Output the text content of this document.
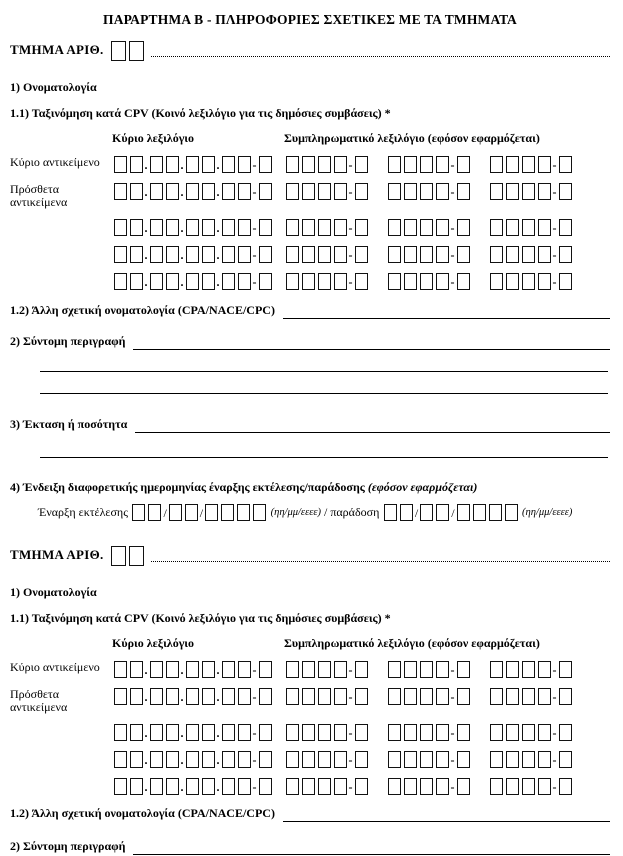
ΠΑΡΑΡΤΗΜΑ Β - ΠΛΗΡΟΦΟΡΙΕΣ ΣΧΕΤΙΚΕΣ ΜΕ ΤΑ ΤΜΗΜΑΤΑ
ΤΜΗΜΑ ΑΡΙΘ.
1) Ονοματολογία
1.1) Ταξινόμηση κατά CPV (Κοινό λεξιλόγιο για τις δημόσιες συμβάσεις) *
Κύριο λεξιλόγιο	Συμπληρωματικό λεξιλόγιο (εφόσον εφαρμόζεται)
Κύριο αντικείμενο	.	.	.	-	-	-	-
Πρόσθετα αντικείμενα
.	.	.	-	-	-	-
.	.	.	-	-	-	-
.	.	.	-	-	-	-
.	.	.	-	-	-	-
1.2) Άλλη σχετική ονοματολογία (CPA/NACE/CPC)
2) Σύντομη περιγραφή
3) Έκταση ή ποσότητα
4) Ένδειξη διαφορετικής ημερομηνίας έναρξης εκτέλεσης/παράδοσης (εφόσον εφαρμόζεται)
Έναρξη εκτέλεσης	/	/	(ηη/μμ/εεεε) / παράδοση	/	/	(ηη/μμ/εεεε)
ΤΜΗΜΑ ΑΡΙΘ.
1) Ονοματολογία
1.1) Ταξινόμηση κατά CPV (Κοινό λεξιλόγιο για τις δημόσιες συμβάσεις) *
Κύριο λεξιλόγιο	Συμπληρωματικό λεξιλόγιο (εφόσον εφαρμόζεται)
Κύριο αντικείμενο	.	.	.	-	-	-	-
Πρόσθετα αντικείμενα
.	.	.	-	-	-	-
.	.	.	-	-	-	-
.	.	.	-	-	-	-
.	.	.	-	-	-	-
1.2) Άλλη σχετική ονοματολογία (CPA/NACE/CPC)
2) Σύντομη περιγραφή
